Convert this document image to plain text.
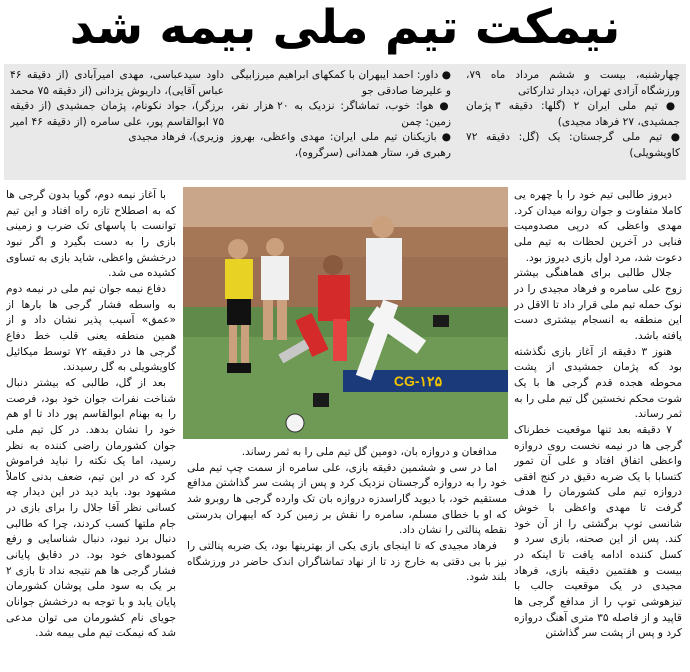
نیمکت تیم ملی بیمه شد

چهارشنبه، بیست و ششم مرداد ماه ۷۹، ورزشگاه آزادی تهران، دیدار تدارکاتی

● تیم ملی ایران ۲ (گلها: دقیقه ۳ پژمان جمشیدی، ۲۷ فرهاد مجیدی)

● تیم ملی گرجستان: یک (گل: دقیقه ۷۲ کاویشویلی)

● داور: احمد ایبهران با کمکهای ابراهیم میرزابیگی و علیرضا صادقی جو

● هوا: خوب، تماشاگر: نزدیک به ۲۰ هزار نفر، زمین: چمن

● بازیکنان تیم ملی ایران: مهدی واعظی، بهروز رهبری فر، ستار همدانی (سرگروه)،

داود سیدعباسی، مهدی امیرآبادی (از دقیقه ۴۶ عباس آقایی)، داریوش یزدانی (از دقیقه ۷۵ محمد برزگر)، جواد نکونام، پژمان جمشیدی (از دقیقه ۷۵ ابوالقاسم پور، علی سامره (از دقیقه ۴۶ امیر وزیری)، فرهاد مجیدی

دیروز طالبی تیم خود را با چهره یی کاملا متفاوت و جوان روانه میدان کرد. مهدی واعظی که درپی مصدومیت فنایی در آخرین لحظات به تیم ملی دعوت شد، مرد اول بازی دیروز بود.

جلال طالبی برای هماهنگی بیشتر زوج علی سامره و فرهاد مجیدی را در نوک حمله تیم ملی قرار داد تا الاقل در این منطقه به انسجام بیشتری دست یافته باشد.

هنوز ۳ دقیقه از آغاز بازی نگذشته بود که پژمان جمشیدی از پشت محوطه هجده قدم گرجی ها با یک شوت محکم نخستین گل تیم ملی را به ثمر رساند.

۷ دقیقه بعد تنها موقعیت خطرناک گرجی ها در نیمه نخست روی دروازه واعظی اتفاق افتاد و علی آن تمور کتسابا با یک ضربه دقیق در کنج افقی دروازه تیم ملی کشورمان را هدف گرفت تا مهدی واعظی با خوش شانسی توپ برگشتی را از آن خود کند. پس از این صحنه، بازی سرد و کسل کننده ادامه یافت تا اینکه در بیست و هفتمین دقیقه بازی، فرهاد مجیدی در یک موقعیت جالب با تیزهوشی توپ را از مدافع گرجی ها قاپید و از فاصله ۳۵ متری آهنگ دروازه کرد و پس از پشت سر گذاشتن

CG-۱۲۵

مدافعان و دروازه بان، دومین گل تیم ملی را به ثمر رساند.

اما در سی و ششمین دقیقه بازی، علی سامره از سمت چپ تیم ملی خود را به دروازه گرجستان نزدیک کرد و پس از پشت سر گذاشتن مدافع مستقیم خود، با دیوید گاراسدزه دروازه بان تک وارده گرجی ها روبرو شد که او با خطای مسلم، سامره را نقش بر زمین کرد که ایبهران بدرستی نقطه پنالتی را نشان داد.

فرهاد مجیدی که تا اینجای بازی یکی از بهترینها بود، یک ضربه پنالتی را نیز با بی دقتی به خارج زد تا از نهاد تماشاگران اندک حاضر در ورزشگاه بلند شود.

با آغاز نیمه دوم، گویا بدون گرجی ها که به اصطلاح تازه راه افتاد و این تیم توانست با پاسهای تک ضرب و زمینی بازی را به دست بگیرد و اگر نبود درخشش واعظی، شاید بازی به تساوی کشیده می شد.

دفاع نیمه جوان تیم ملی در نیمه دوم به واسطه فشار گرجی ها بارها از «عمق» آسیب پذیر نشان داد و از همین منطقه یعنی قلب خط دفاع گرجی ها در دقیقه ۷۲ توسط میکائیل کاویشویلی به گل رسیدند.

بعد از گل، طالبی که بیشتر دنبال شناخت نفرات جوان خود بود، فرصت را به بهنام ابوالقاسم پور داد تا او هم خود را نشان بدهد. در کل تیم ملی جوان کشورمان راضی کننده به نظر رسید، اما یک نکته را نباید فراموش کرد که در این تیم، ضعف بدنی کاملاً مشهود بود. باید دید در این دیدار چه کسانی نظر آقا جلال را برای بازی در جام ملتها کسب کردند، چرا که طالبی دنبال برد نبود، دنبال شناسایی و رفع کمبودهای خود بود. در دقایق پایانی فشار گرجی ها هم نتیجه نداد تا بازی ۲ بر یک به سود ملی پوشان کشورمان پایان یابد و با توجه به درخشش جوانان جویای نام کشورمان می توان مدعی شد که نیمکت تیم ملی بیمه شد.
